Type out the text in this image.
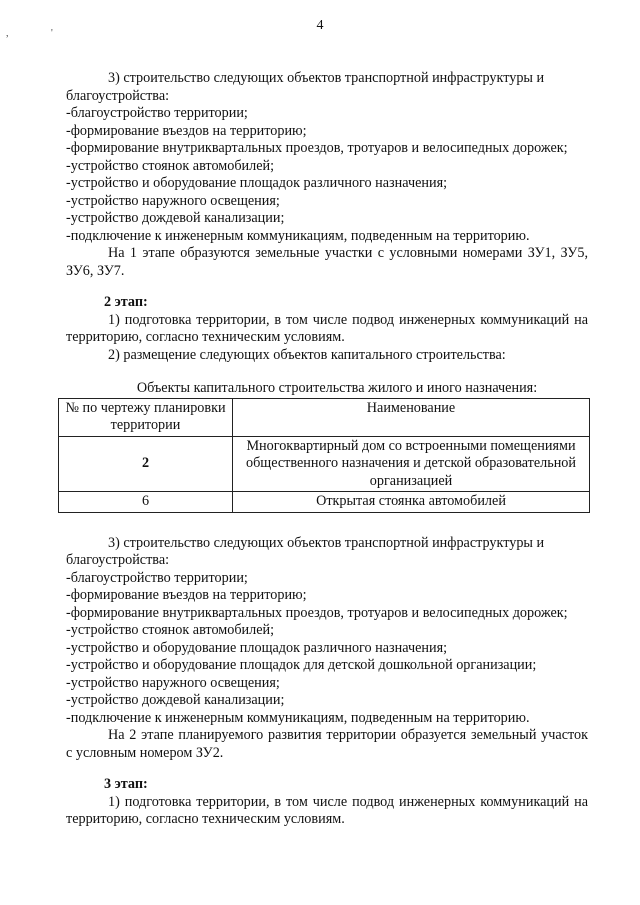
, '
4

3) строительство следующих объектов транспортной инфраструктуры и благоустройства:

-благоустройство территории;

-формирование въездов на территорию;

-формирование внутриквартальных проездов, тротуаров и велосипедных дорожек;

-устройство стоянок автомобилей;

-устройство и оборудование площадок различного назначения;

-устройство наружного освещения;

-устройство дождевой канализации;

-подключение к инженерным коммуникациям, подведенным на территорию.

На 1 этапе образуются земельные участки с условными номерами ЗУ1, ЗУ5, ЗУ6, ЗУ7.

2 этап:

1) подготовка территории, в том числе подвод инженерных коммуникаций на территорию, согласно техническим условиям.

2) размещение следующих объектов капитального строительства:

Объекты капитального строительства жилого и иного назначения:

№ по чертежу планировки территории	Наименование
2	Многоквартирный дом со встроенными помещениями общественного назначения и детской образовательной организацией
6	Открытая стоянка автомобилей

3) строительство следующих объектов транспортной инфраструктуры и благоустройства:

-благоустройство территории;

-формирование въездов на территорию;

-формирование внутриквартальных проездов, тротуаров и велосипедных дорожек;

-устройство стоянок автомобилей;

-устройство и оборудование площадок различного назначения;

-устройство и оборудование площадок для детской дошкольной организации;

-устройство наружного освещения;

-устройство дождевой канализации;

-подключение к инженерным коммуникациям, подведенным на территорию.

На 2 этапе планируемого развития территории образуется земельный участок с условным номером ЗУ2.

3 этап:

1) подготовка территории, в том числе подвод инженерных коммуникаций на территорию, согласно техническим условиям.
